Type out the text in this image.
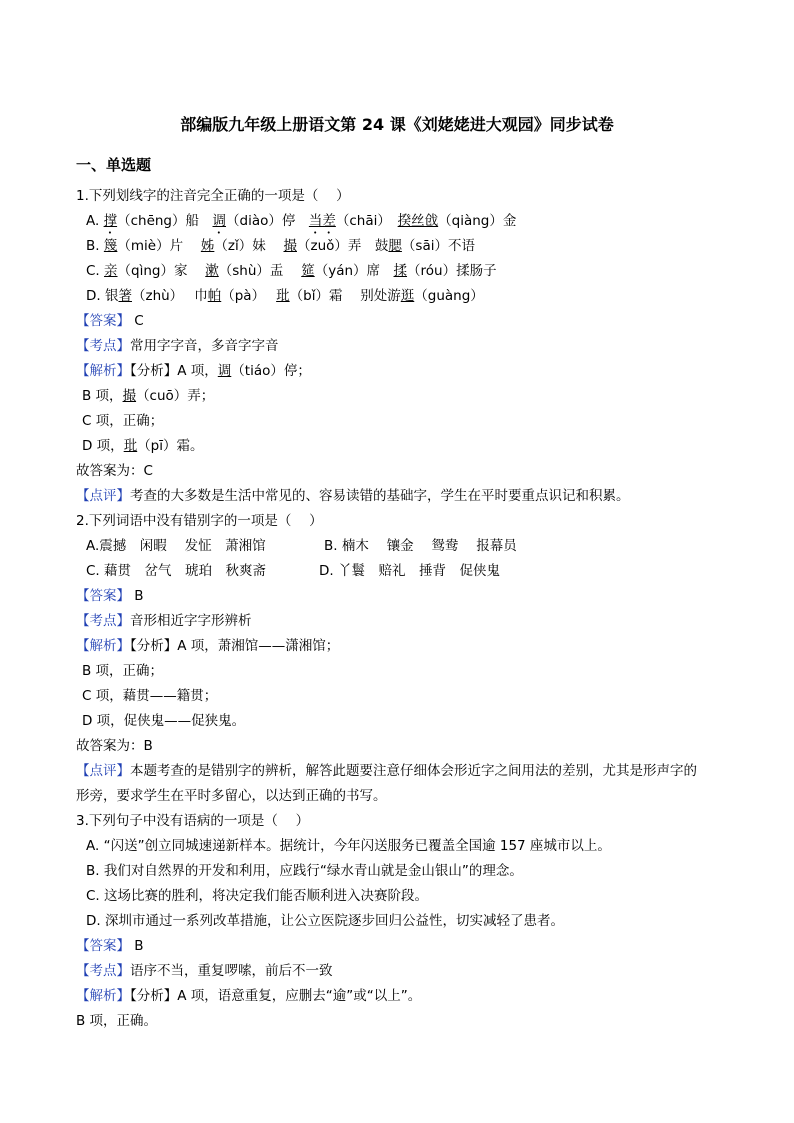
部编版九年级上册语文第 24 课《刘姥姥进大观园》同步试卷
一、单选题
1.下列划线字的注音完全正确的一项是（　 ）
A. 撑（chēng）船　调（diào）停　当差（chāi）　揆丝戗（qiàng）金
B. 篾（miè）片　 姊（zǐ）妹　 撮（zuǒ）弄　鼓腮（sāi）不语
C. 亲（qìng）家　 漱（shù）盂　 筵（yán）席　揉（róu）揉肠子
D. 银箸（zhù）　 巾帕（pà）　 玭（bǐ）霜　 别处游逛（guàng）
【答案】 C
【考点】常用字字音，多音字字音
【解析】【分析】A 项，调（tiáo）停；
B 项，撮（cuō）弄；
C 项，正确；
D 项，玭（pī）霜。
故答案为：C
【点评】考查的大多数是生活中常见的、容易读错的基础字，学生在平时要重点识记和积累。
2.下列词语中没有错别字的一项是（　 ）
A.震撼　闲暇　 发怔　萧湘馆	B. 楠木　 镶金　 鸳鸯　 报幕员
C. 藉贯　岔气　琥珀　秋爽斋	D. 丫鬟　赔礼　捶背　促侠鬼
【答案】 B
【考点】音形相近字字形辨析
【解析】【分析】A 项，萧湘馆——潇湘馆；
B 项，正确；
C 项，藉贯——籍贯；
D 项，促侠鬼——促狭鬼。
故答案为：B
【点评】本题考查的是错别字的辨析，解答此题要注意仔细体会形近字之间用法的差别，尤其是形声字的
形旁，要求学生在平时多留心，以达到正确的书写。
3.下列句子中没有语病的一项是（　 ）
A. “闪送”创立同城速递新样本。据统计，今年闪送服务已覆盖全国逾 157 座城市以上。
B. 我们对自然界的开发和利用，应践行“绿水青山就是金山银山”的理念。
C. 这场比赛的胜利，将决定我们能否顺利进入决赛阶段。
D. 深圳市通过一系列改革措施，让公立医院逐步回归公益性，切实减轻了患者。
【答案】 B
【考点】语序不当，重复啰嗦，前后不一致
【解析】【分析】A 项，语意重复，应删去“逾”或“以上”。
B 项，正确。
